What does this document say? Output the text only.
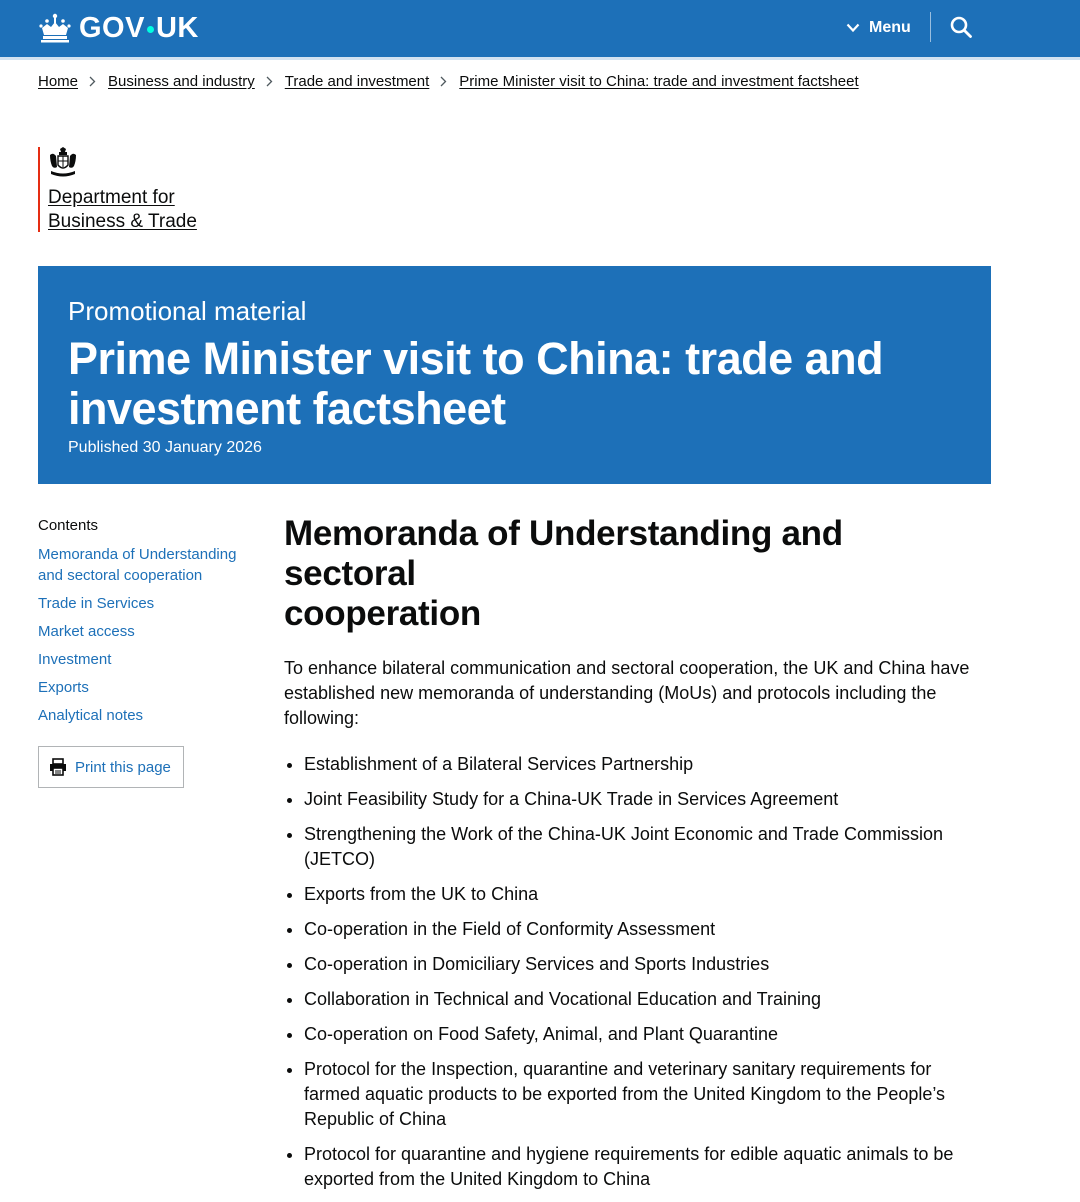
GOV UK	Menu
Home Business and industry Trade and investment Prime Minister visit to China: trade and investment factsheet
Department for
Business & Trade
Promotional material
Prime Minister visit to China: trade and
investment factsheet
Published 30 January 2026
Contents
Memoranda of Understanding
and sectoral cooperation
Trade in Services
Market access
Investment
Exports
Analytical notes
Print this page
Memoranda of Understanding and sectoral
cooperation

To enhance bilateral communication and sectoral cooperation, the UK and China have established new memoranda of understanding (MoUs) and protocols including the following:

Establishment of a Bilateral Services Partnership
Joint Feasibility Study for a China-UK Trade in Services Agreement
Strengthening the Work of the China-UK Joint Economic and Trade Commission (JETCO)
Exports from the UK to China
Co-operation in the Field of Conformity Assessment
Co-operation in Domiciliary Services and Sports Industries
Collaboration in Technical and Vocational Education and Training
Co-operation on Food Safety, Animal, and Plant Quarantine
Protocol for the Inspection, quarantine and veterinary sanitary requirements for farmed aquatic products to be exported from the United Kingdom to the People’s Republic of China
Protocol for quarantine and hygiene requirements for edible aquatic animals to be exported from the United Kingdom to China
